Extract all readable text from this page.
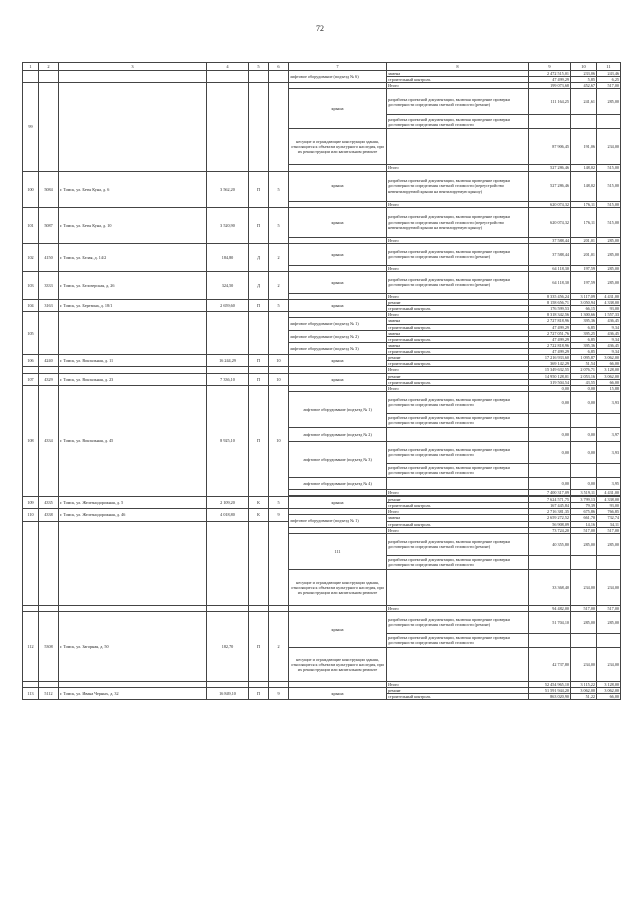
72
1	2	3	4	5	6	7	8	9	10	11
						лифтовое оборудование (подъезд № 6)	замена	2 472 515,01	233,06	243,46
							строительный контроль	47 499,29	5,85	6,25
99							Итого	199 073,68	452,67	517,00
						крыша	разработка проектной документации, включая проведение проверки достоверности определения сметной стоимости (ремонт)	111 164,25	241,61	285,00
							разработка проектной документации, включая проведение проверки достоверности определения сметной стоимости			
						несущие и ограждающие конструкции здания, относящиеся к объектам культурного наследия, при их реконструкции или капитальном ремонте		87 906,45	191,06	234,00
							Итого	527 286,46	148,02	515,00
100	5084	г. Томск, ул. Беты Куна, д. 6	3 562,20	П	5	крыша	разработка проектной документации, включая проведение проверки достоверности определения сметной стоимости (переустройство невентилируемой крыши на вентилируемую крышу)	527 286,46	148,02	515,00
							Итого	620 074,32	176,11	515,00
101	5087	г. Томск, ул. Беты Куна, д. 10	3 520,90	П	5	крыша	разработка проектной документации, включая проведение проверки достоверности определения сметной стоимости (переустройство невентилируемой крыши на вентилируемую крышу)	620 074,32	176,11	515,00
							Итого	37 588,44	201,01	285,00
102	4150	г. Томск, ул. Белая, д. 14/2	184,80	Д	2	крыша	разработка проектной документации, включая проведение проверки достоверности определения сметной стоимости (ремонт)	37 588,44	201,01	285,00
							Итого	64 118,30	197,59	285,00
103	3333	г. Томск, ул. Белозерская, д. 26	324,50	Д	2	крыша	разработка проектной документации, включая проведение проверки достоверности определения сметной стоимости (ремонт)	64 118,30	197,59	285,00
							Итого	8 335 456,24	3 117,09	4 431,00
104	3163	г. Томск, ул. Березина, д. 18/1	2 659,60	П	5	крыша	ремонт	8 158 656,71	3 050,94	4 338,00
							строительный контроль	176 599,53	66,15	93,00
105							Итого	8 318 342,56	1 300,66	1 557,33
						лифтовое оборудование (подъезд № 1)	замена	2 727 818,96	395,36	436,45
							строительный контроль	47 499,29	6,85	9,34
						лифтовое оборудование (подъезд № 2)	замена	2 727 051,76	395,25	436,45
							строительный контроль	47 499,29	6,85	9,34
						лифтовое оборудование (подъезд № 3)	замена	2 722 818,96	395,36	436,45
							строительный контроль	47 499,29	6,85	9,34
106	4240	г. Томск, ул. Вокзальная, д. 11	16 244,29	П	10	крыша	ремонт	17 216 933,60	1 095,87	3 062,00
							строительный контроль	369 142,29	51,54	66,00
							Итого	15 349 632,55	2 076,71	3 128,00
107	4329	г. Томск, ул. Вокзальная, д. 23	7 336,10	П	10	крыша	ремонт	14 950 128,01	2 053,16	3 062,00
							строительный контроль	319 504,54	43,55	66,00
108	4334	г. Томск, ул. Вокзальная, д. 45	8 925,10	П	10		Итого	0,00	0,00	15,88
						лифтовое оборудование (подъезд № 1)	разработка проектной документации, включая проведение проверки достоверности определения сметной стоимости	0,00	0,00	3,93
							разработка проектной документации, включая проведение проверки достоверности определения сметной стоимости			
						лифтовое оборудование (подъезд № 2)		0,00	0,00	3,97
						лифтовое оборудование (подъезд № 3)	разработка проектной документации, включая проведение проверки достоверности определения сметной стоимости	0,00	0,00	3,93
							разработка проектной документации, включая проведение проверки достоверности определения сметной стоимости			
						лифтовое оборудование (подъезд № 4)		0,00	0,00	3,95
							Итого	7 400 317,09	3 519,11	4 431,00

109	4335	г. Томск, ул. Железнодорожная, д. 5	2 109,20	К	5	крыша	ремонт	7 624 571,75	3 799,13	4 338,00
							строительный контроль	167 445,84	79,39	93,00
110	4338	г. Томск, ул. Железнодорожная, д. 46	4 018,80	К	9		Итого	2 716 381,35	675,86	766,85
						лифтовое оборудование (подъезд № 1)	замена	2 659 272,52	661,70	732,74
							строительный контроль	56 908,09	14,16	34,11
							Итого	73 724,20	517,00	517,00
						111	разработка проектной документации, включая проведение проверки достоверности определения сметной стоимости (ремонт)	40 355,80	285,00	285,00
							разработка проектной документации, включая проведение проверки достоверности определения сметной стоимости			
						несущие и ограждающие конструкции здания, относящиеся к объектам культурного наследия, при их реконструкции или капитальном ремонте		33 368,40	234,00	234,00
							Итого	94 482,00	517,00	517,00
112	5308	г. Томск, ул. Загорная, д. 50	182,70	П	2	крыша	разработка проектной документации, включая проведение проверки достоверности определения сметной стоимости (ремонт)	51 704,10	285,00	285,00
							разработка проектной документации, включая проведение проверки достоверности определения сметной стоимости			
						несущие и ограждающие конструкции здания, относящиеся к объектам культурного наследия, при их реконструкции или капитальном ремонте		42 737,80	234,00	234,00
							Итого	52 454 965,10	3 115,22	3 128,00
113	5112	г. Томск, ул. Ивана Черных, д. 32	16 849,10	П	9	крыша	ремонт	51 591 944,20	3 062,00	3 062,00
							строительный контроль	863 020,90	51,22	66,00
